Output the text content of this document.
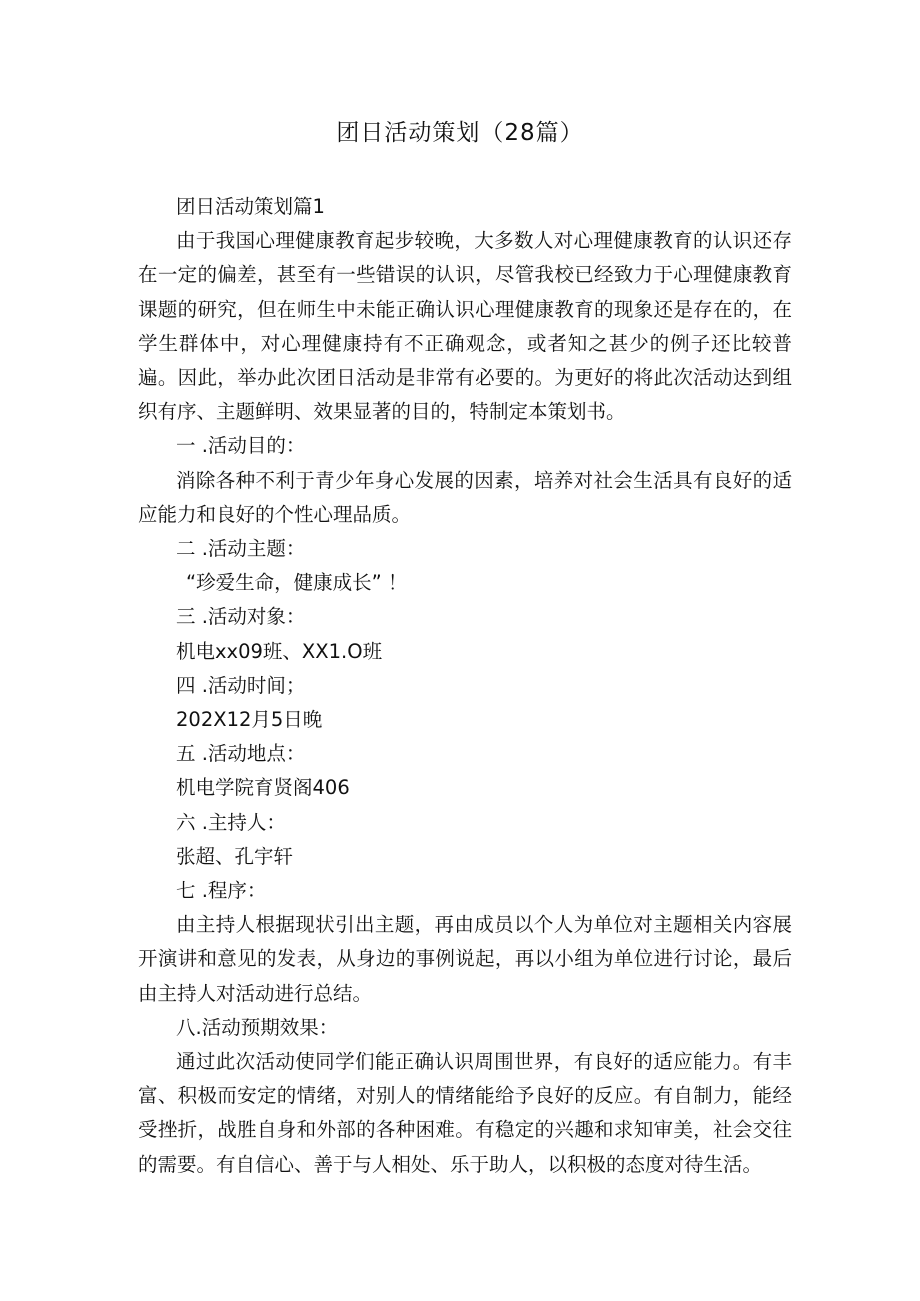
团日活动策划（28篇）

团日活动策划篇1

由于我国心理健康教育起步较晚，大多数人对心理健康教育的认识还存在一定的偏差，甚至有一些错误的认识，尽管我校已经致力于心理健康教育课题的研究，但在师生中未能正确认识心理健康教育的现象还是存在的，在学生群体中，对心理健康持有不正确观念，或者知之甚少的例子还比较普遍。因此，举办此次团日活动是非常有必要的。为更好的将此次活动达到组织有序、主题鲜明、效果显著的目的，特制定本策划书。

一 .活动目的：

消除各种不利于青少年身心发展的因素，培养对社会生活具有良好的适应能力和良好的个性心理品质。

二 .活动主题：

“珍爱生命，健康成长” ！

三 .活动对象：

机电xx09班、XX1.O班

四 .活动时间；

202X12月5日晚

五 .活动地点：

机电学院育贤阁406

六 .主持人：

张超、孔宇轩

七 .程序：

由主持人根据现状引出主题，再由成员以个人为单位对主题相关内容展开演讲和意见的发表，从身边的事例说起，再以小组为单位进行讨论，最后由主持人对活动进行总结。

八.活动预期效果：

通过此次活动使同学们能正确认识周围世界，有良好的适应能力。有丰富、积极而安定的情绪，对别人的情绪能给予良好的反应。有自制力，能经受挫折，战胜自身和外部的各种困难。有稳定的兴趣和求知审美，社会交往的需要。有自信心、善于与人相处、乐于助人，以积极的态度对待生活。
